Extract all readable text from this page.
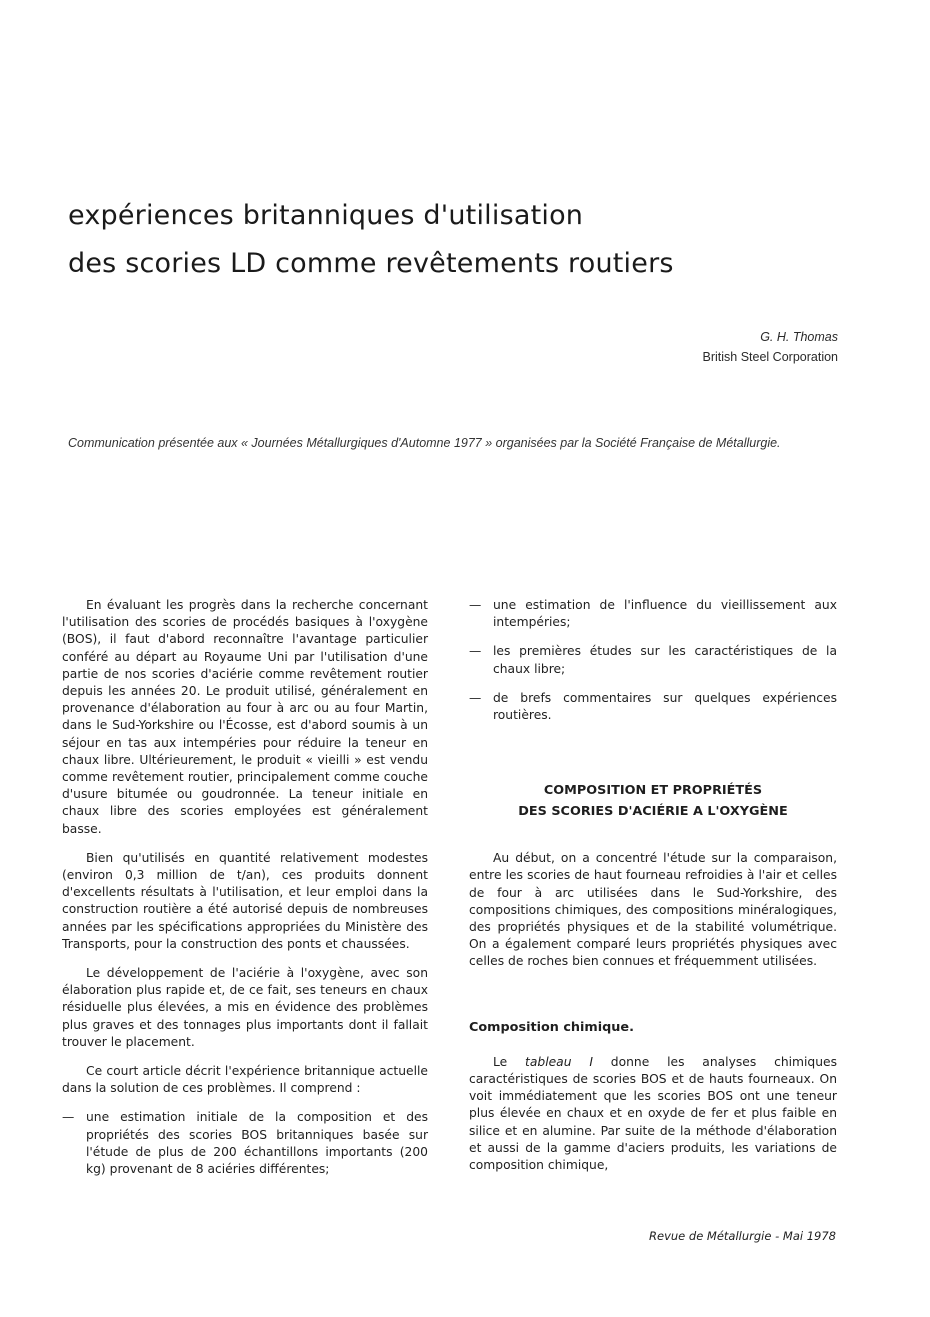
expériences britanniques d'utilisation
des scories LD comme revêtements routiers
G. H. Thomas
British Steel Corporation

Communication présentée aux « Journées Métallurgiques d'Automne 1977 » organisées par la Société Française de Métallurgie.

En évaluant les progrès dans la recherche concernant l'utilisation des scories de procédés basiques à l'oxygène (BOS), il faut d'abord reconnaître l'avantage particulier conféré au départ au Royaume Uni par l'utilisation d'une partie de nos scories d'aciérie comme revêtement routier depuis les années 20. Le produit utilisé, généralement en provenance d'élaboration au four à arc ou au four Martin, dans le Sud-Yorkshire ou l'Écosse, est d'abord soumis à un séjour en tas aux intempéries pour réduire la teneur en chaux libre. Ultérieurement, le produit « vieilli » est vendu comme revêtement routier, principalement comme couche d'usure bitumée ou goudronnée. La teneur initiale en chaux libre des scories employées est généralement basse.

Bien qu'utilisés en quantité relativement modestes (environ 0,3 million de t/an), ces produits donnent d'excellents résultats à l'utilisation, et leur emploi dans la construction routière a été autorisé depuis de nombreuses années par les spécifications appropriées du Ministère des Transports, pour la construction des ponts et chaussées.

Le développement de l'aciérie à l'oxygène, avec son élaboration plus rapide et, de ce fait, ses teneurs en chaux résiduelle plus élevées, a mis en évidence des problèmes plus graves et des tonnages plus importants dont il fallait trouver le placement.

Ce court article décrit l'expérience britannique actuelle dans la solution de ces problèmes. Il comprend :

— une estimation initiale de la composition et des propriétés des scories BOS britanniques basée sur l'étude de plus de 200 échantillons importants (200 kg) provenant de 8 aciéries différentes;
— une estimation de l'influence du vieillissement aux intempéries;
— les premières études sur les caractéristiques de la chaux libre;
— de brefs commentaires sur quelques expériences routières.
COMPOSITION ET PROPRIÉTÉS
DES SCORIES D'ACIÉRIE A L'OXYGÈNE

Au début, on a concentré l'étude sur la comparaison, entre les scories de haut fourneau refroidies à l'air et celles de four à arc utilisées dans le Sud-Yorkshire, des compositions chimiques, des compositions minéralogiques, des propriétés physiques et de la stabilité volumétrique. On a également comparé leurs propriétés physiques avec celles de roches bien connues et fréquemment utilisées.

Composition chimique.

Le tableau I donne les analyses chimiques caractéristiques de scories BOS et de hauts fourneaux. On voit immédiatement que les scories BOS ont une teneur plus élevée en chaux et en oxyde de fer et plus faible en silice et en alumine. Par suite de la méthode d'élaboration et aussi de la gamme d'aciers produits, les variations de composition chimique,

Revue de Métallurgie - Mai 1978
